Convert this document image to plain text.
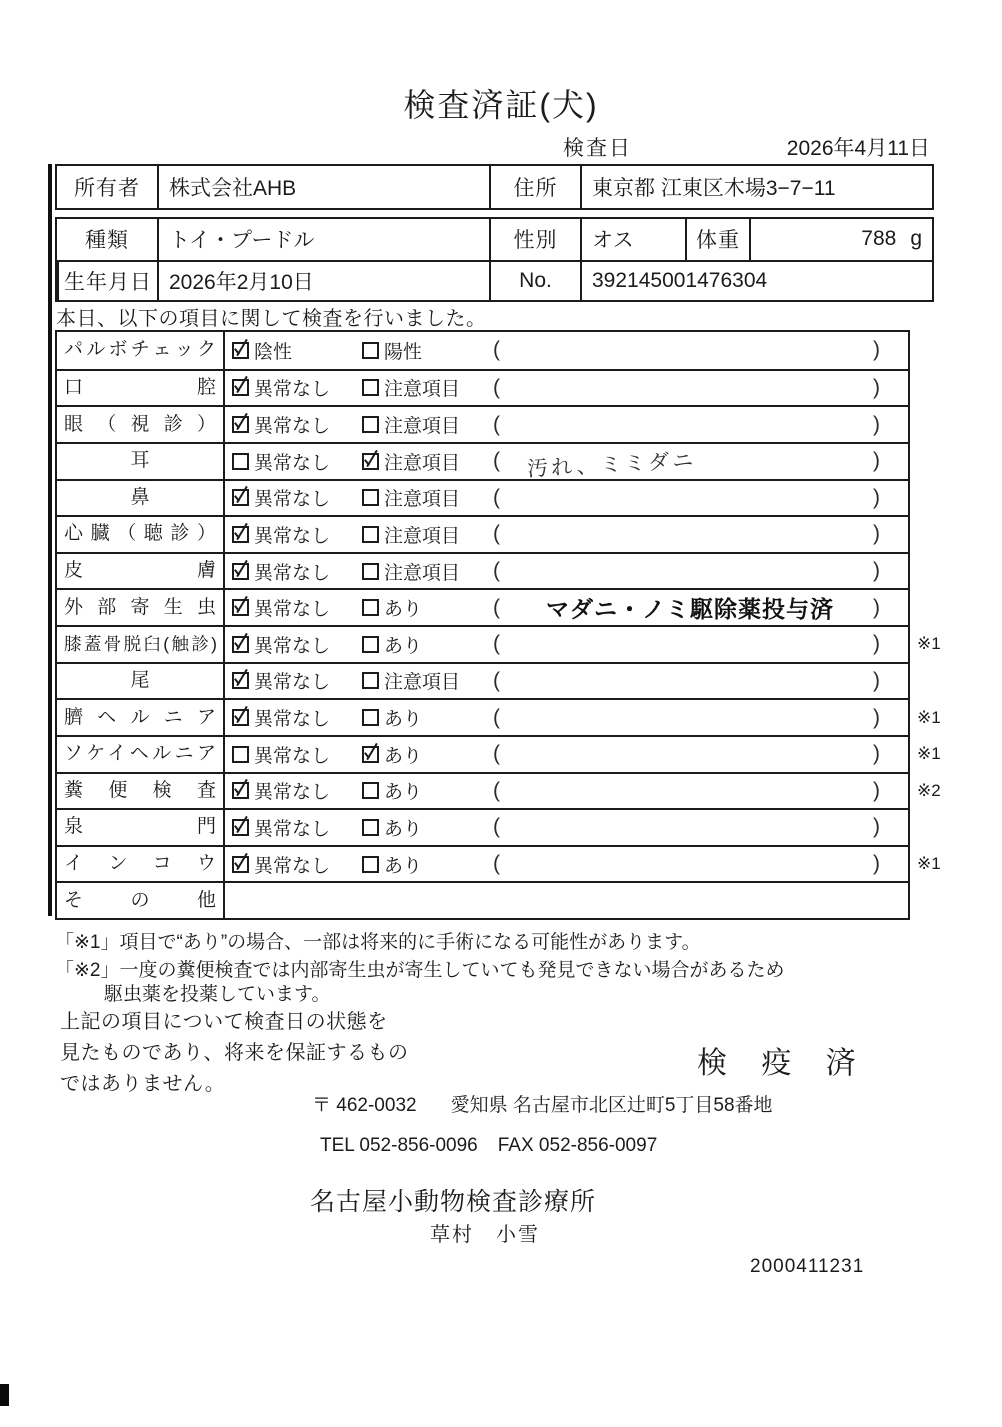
検査済証(犬)
検査日	2026年4月11日
所有者	株式会社AHB	住所	東京都 江東区木場3−7−11
種類	トイ・プードル	性別	オス	体重	788 g
生年月日 2026年2月10日	No.	392145001476304
本日、以下の項目に関して検査を行いました。
パルボチェック	陰性	陽性	(	)
口腔	異常なし	注意項目 (	)
眼（視診）	異常なし	注意項目 (	)
耳	異常なし	注意項目 (	汚れ、ミミダニ	)
鼻	異常なし	注意項目 (	)
心臓（聴診）	異常なし	注意項目 (	)
皮膚	異常なし	注意項目 (	)
外部寄生虫	異常なし	あり	(	マダニ・ノミ駆除薬投与済	)
膝蓋骨脱臼(触診)	異常なし	あり	(	) ※1
尾	異常なし	注意項目 (	)
臍ヘルニア	異常なし	あり	(	) ※1
ソケイヘルニア	異常なし	あり	(	) ※1
糞便検査	異常なし	あり	(	) ※2
泉門	異常なし	あり	(	)
インコウ	異常なし	あり	(	) ※1
その他
「※1」項目で“あり”の場合、一部は将来的に手術になる可能性があります。
「※2」一度の糞便検査では内部寄生虫が寄生していても発見できない場合があるため
駆虫薬を投薬しています。
上記の項目について検査日の状態を
見たものであり、将来を保証するもの
ではありません。
検 疫 済
〒 462-0032 愛知県 名古屋市北区辻町5丁目58番地
TEL 052-856-0096 FAX 052-856-0097
名古屋小動物検査診療所
草村　小雪
2000411231
